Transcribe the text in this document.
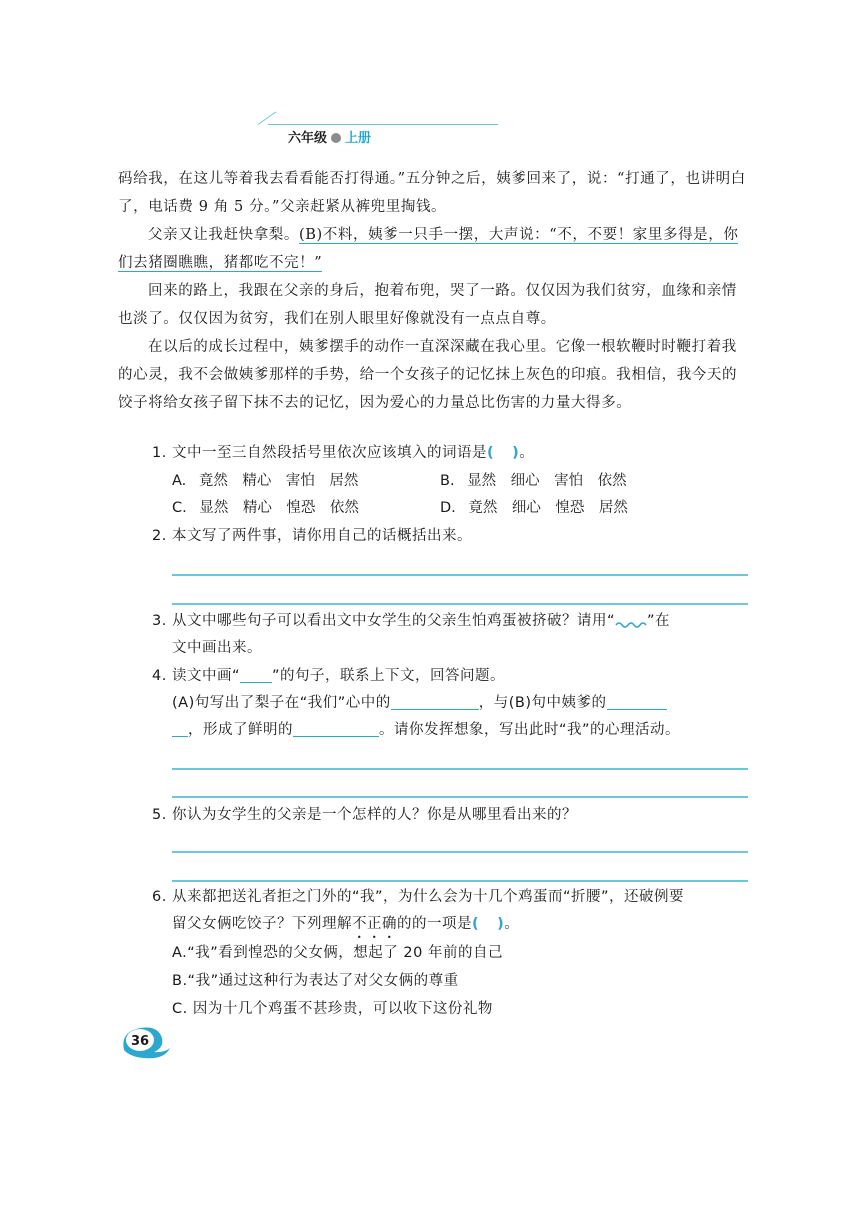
六年级 上册
码给我，在这儿等着我去看看能否打得通。”五分钟之后，姨爹回来了，说：“打通了，也讲明白了，电话费 9 角 5 分。”父亲赶紧从裤兜里掏钱。
父亲又让我赶快拿梨。(B)不料，姨爹一只手一摆，大声说：“不，不要！家里多得是，你们去猪圈瞧瞧，猪都吃不完！”
回来的路上，我跟在父亲的身后，抱着布兜，哭了一路。仅仅因为我们贫穷，血缘和亲情也淡了。仅仅因为贫穷，我们在别人眼里好像就没有一点点自尊。
在以后的成长过程中，姨爹摆手的动作一直深深藏在我心里。它像一根软鞭时时鞭打着我的心灵，我不会做姨爹那样的手势，给一个女孩子的记忆抹上灰色的印痕。我相信，我今天的饺子将给女孩子留下抹不去的记忆，因为爱心的力量总比伤害的力量大得多。
1. 文中一至三自然段括号里依次应该填入的词语是( )。
A. 竟然　精心　害怕　居然	B. 显然　细心　害怕　依然
C. 显然　精心　惶恐　依然	D. 竟然　细心　惶恐　居然
2. 本文写了两件事，请你用自己的话概括出来。
3. 从文中哪些句子可以看出文中女学生的父亲生怕鸡蛋被挤破？请用“ ”在
文中画出来。
4. 读文中画“ ”的句子，联系上下文，回答问题。
(A)句写出了梨子在“我们”心中的	，与(B)句中姨爹的
，形成了鲜明的	。请你发挥想象，写出此时“我”的心理活动。
5. 你认为女学生的父亲是一个怎样的人？你是从哪里看出来的？
6. 从来都把送礼者拒之门外的“我”，为什么会为十几个鸡蛋而“折腰”，还破例要
留父女俩吃饺子？下列理解不正确的的一项是( )。
A.“我”看到惶恐的父女俩，想起了 20 年前的自己
B.“我”通过这种行为表达了对父女俩的尊重
C. 因为十几个鸡蛋不甚珍贵，可以收下这份礼物
36
